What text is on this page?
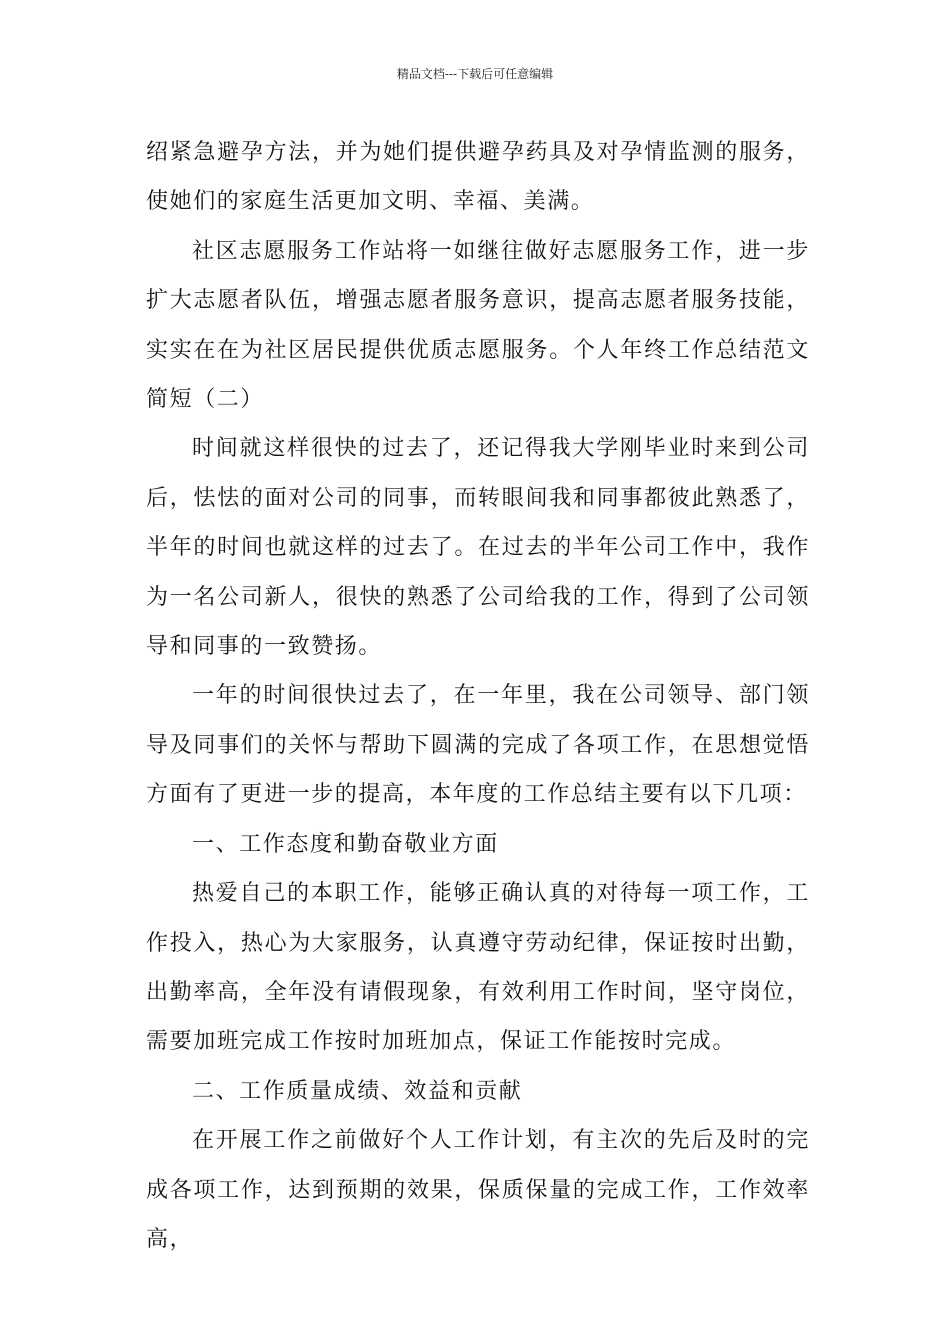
精品文档---下载后可任意编辑

绍紧急避孕方法，并为她们提供避孕药具及对孕情监测的服务，使她们的家庭生活更加文明、幸福、美满。

社区志愿服务工作站将一如继往做好志愿服务工作，进一步扩大志愿者队伍，增强志愿者服务意识，提高志愿者服务技能，实实在在为社区居民提供优质志愿服务。个人年终工作总结范文简短（二）

时间就这样很快的过去了，还记得我大学刚毕业时来到公司后，怯怯的面对公司的同事，而转眼间我和同事都彼此熟悉了，半年的时间也就这样的过去了。在过去的半年公司工作中，我作为一名公司新人，很快的熟悉了公司给我的工作，得到了公司领导和同事的一致赞扬。

一年的时间很快过去了，在一年里，我在公司领导、部门领导及同事们的关怀与帮助下圆满的完成了各项工作，在思想觉悟方面有了更进一步的提高，本年度的工作总结主要有以下几项：

一、工作态度和勤奋敬业方面

热爱自己的本职工作，能够正确认真的对待每一项工作，工作投入，热心为大家服务，认真遵守劳动纪律，保证按时出勤，出勤率高，全年没有请假现象，有效利用工作时间，坚守岗位，需要加班完成工作按时加班加点，保证工作能按时完成。

二、工作质量成绩、效益和贡献

在开展工作之前做好个人工作计划，有主次的先后及时的完成各项工作，达到预期的效果，保质保量的完成工作，工作效率高，
